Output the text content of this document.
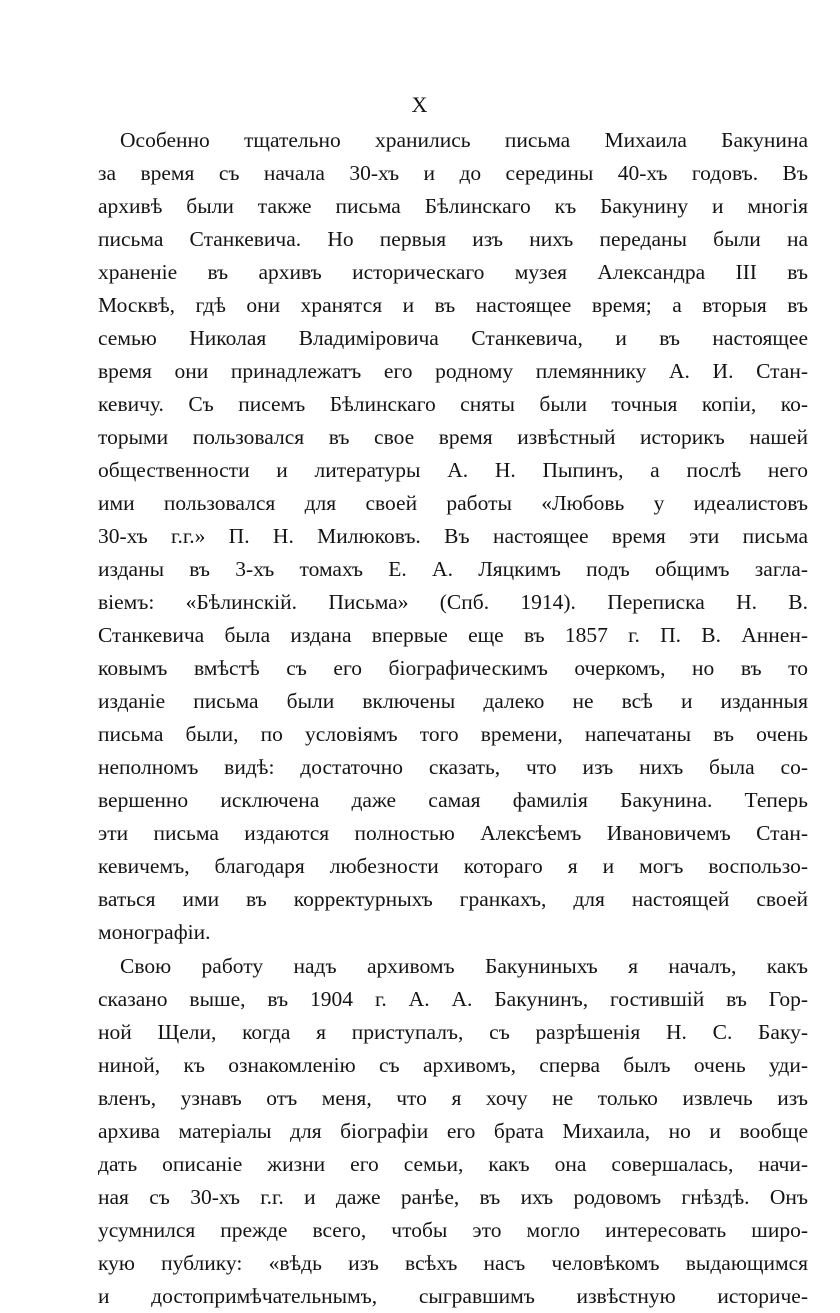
X
Особенно тщательно хранились письма Михаила Бакунина
за время съ начала 30-хъ и до середины 40-хъ годовъ. Въ
архивѣ были также письма Бѣлинскаго къ Бакунину и многія
письма Станкевича. Но первыя изъ нихъ переданы были на
храненіе въ архивъ историческаго музея Александра III въ
Москвѣ, гдѣ они хранятся и въ настоящее время; а вторыя въ
семью Николая Владиміровича Станкевича, и въ настоящее
время они принадлежатъ его родному племяннику А. И. Стан-
кевичу. Съ писемъ Бѣлинскаго сняты были точныя копіи, ко-
торыми пользовался въ свое время извѣстный историкъ нашей
общественности и литературы А. Н. Пыпинъ, а послѣ него
ими пользовался для своей работы «Любовь у идеалистовъ
30-хъ г.г.» П. Н. Милюковъ. Въ настоящее время эти письма
изданы въ 3-хъ томахъ Е. А. Ляцкимъ подъ общимъ загла-
віемъ: «Бѣлинскій. Письма» (Спб. 1914). Переписка Н. В.
Станкевича была издана впервые еще въ 1857 г. П. В. Аннен-
ковымъ вмѣстѣ съ его біографическимъ очеркомъ, но въ то
изданіе письма были включены далеко не всѣ и изданныя
письма были, по условіямъ того времени, напечатаны въ очень
неполномъ видѣ: достаточно сказать, что изъ нихъ была со-
вершенно исключена даже самая фамилія Бакунина. Теперь
эти письма издаются полностью Алексѣемъ Ивановичемъ Стан-
кевичемъ, благодаря любезности котораго я и могъ воспользо-
ваться ими въ корректурныхъ гранкахъ, для настоящей своей
монографіи.
Свою работу надъ архивомъ Бакуниныхъ я началъ, какъ
сказано выше, въ 1904 г. А. А. Бакунинъ, гостившій въ Гор-
ной Щели, когда я приступалъ, съ разрѣшенія Н. С. Баку-
ниной, къ ознакомленію съ архивомъ, сперва былъ очень уди-
вленъ, узнавъ отъ меня, что я хочу не только извлечь изъ
архива матеріалы для біографіи его брата Михаила, но и вообще
дать описаніе жизни его семьи, какъ она совершалась, начи-
ная съ 30-хъ г.г. и даже ранѣе, въ ихъ родовомъ гнѣздѣ. Онъ
усумнился прежде всего, чтобы это могло интересовать широ-
кую публику: «вѣдь изъ всѣхъ насъ человѣкомъ выдающимся
и достопримѣчательнымъ, сыгравшимъ извѣстную историче-
